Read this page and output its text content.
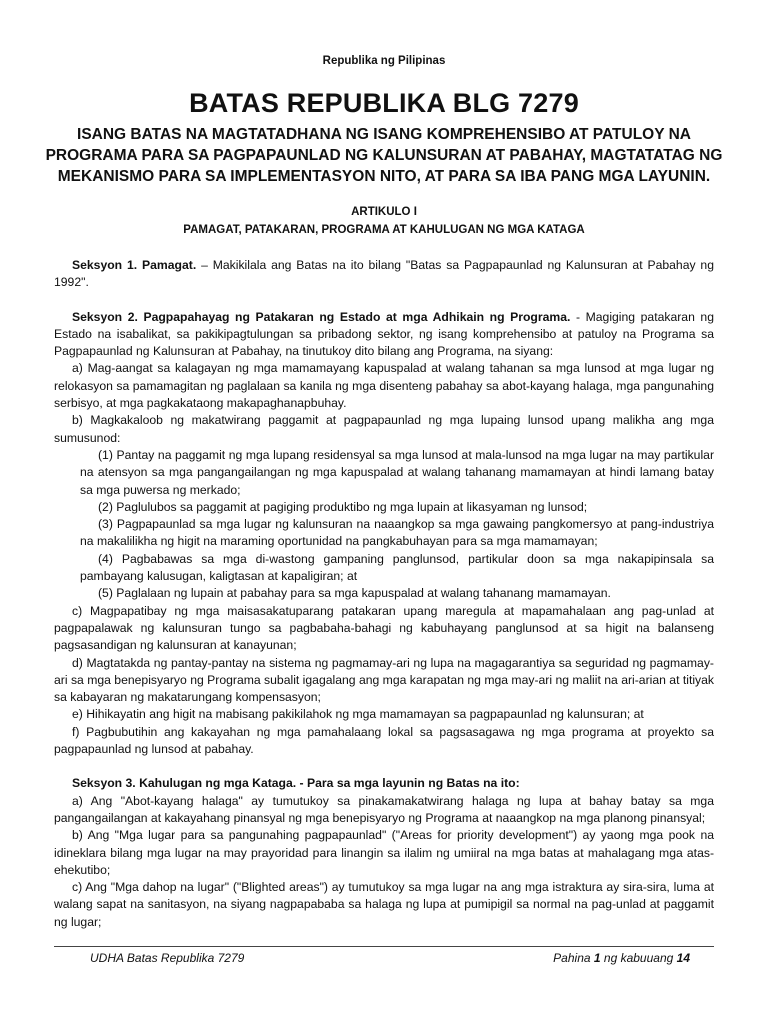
Republika ng Pilipinas
BATAS REPUBLIKA BLG 7279
ISANG BATAS NA MAGTATADHANA NG ISANG KOMPREHENSIBO AT PATULOY NA PROGRAMA PARA SA PAGPAPAUNLAD NG KALUNSURAN AT PABAHAY, MAGTATATAG NG MEKANISMO PARA SA IMPLEMENTASYON NITO, AT PARA SA IBA PANG MGA LAYUNIN.
ARTIKULO I
PAMAGAT, PATAKARAN, PROGRAMA AT KAHULUGAN NG MGA KATAGA

Seksyon 1. Pamagat. – Makikilala ang Batas na ito bilang "Batas sa Pagpapaunlad ng Kalunsuran at Pabahay ng 1992".

Seksyon 2. Pagpapahayag ng Patakaran ng Estado at mga Adhikain ng Programa. - Magiging patakaran ng Estado na isabalikat, sa pakikipagtulungan sa pribadong sektor, ng isang komprehensibo at patuloy na Programa sa Pagpapaunlad ng Kalunsuran at Pabahay, na tinutukoy dito bilang ang Programa, na siyang:

a) Mag-aangat sa kalagayan ng mga mamamayang kapuspalad at walang tahanan sa mga lunsod at mga lugar ng relokasyon sa pamamagitan ng paglalaan sa kanila ng mga disenteng pabahay sa abot-kayang halaga, mga pangunahing serbisyo, at mga pagkakataong makapaghanapbuhay.

b) Magkakaloob ng makatwirang paggamit at pagpapaunlad ng mga lupaing lunsod upang malikha ang mga sumusunod:

(1) Pantay na paggamit ng mga lupang residensyal sa mga lunsod at mala-lunsod na mga lugar na may partikular na atensyon sa mga pangangailangan ng mga kapuspalad at walang tahanang mamamayan at hindi lamang batay sa mga puwersa ng merkado;

(2) Paglulubos sa paggamit at pagiging produktibo ng mga lupain at likasyaman ng lunsod;

(3) Pagpapaunlad sa mga lugar ng kalunsuran na naaangkop sa mga gawaing pangkomersyo at pang-industriya na makalilikha ng higit na maraming oportunidad na pangkabuhayan para sa mga mamamayan;

(4) Pagbabawas sa mga di-wastong gampaning panglunsod, partikular doon sa mga nakapipinsala sa pambayang kalusugan, kaligtasan at kapaligiran; at

(5) Paglalaan ng lupain at pabahay para sa mga kapuspalad at walang tahanang mamamayan.

c) Magpapatibay ng mga maisasakatuparang patakaran upang maregula at mapamahalaan ang pag-unlad at pagpapalawak ng kalunsuran tungo sa pagbabaha-bahagi ng kabuhayang panglunsod at sa higit na balanseng pagsasandigan ng kalunsuran at kanayunan;

d) Magtatakda ng pantay-pantay na sistema ng pagmamay-ari ng lupa na magagarantiya sa seguridad ng pagmamay-ari sa mga benepisyaryo ng Programa subalit igagalang ang mga karapatan ng mga may-ari ng maliit na ari-arian at titiyak sa kabayaran ng makatarungang kompensasyon;

e) Hihikayatin ang higit na mabisang pakikilahok ng mga mamamayan sa pagpapaunlad ng kalunsuran; at

f) Pagbubutihin ang kakayahan ng mga pamahalaang lokal sa pagsasagawa ng mga programa at proyekto sa pagpapaunlad ng lunsod at pabahay.

Seksyon 3. Kahulugan ng mga Kataga. - Para sa mga layunin ng Batas na ito:

a) Ang "Abot-kayang halaga" ay tumutukoy sa pinakamakatwirang halaga ng lupa at bahay batay sa mga pangangailangan at kakayahang pinansyal ng mga benepisyaryo ng Programa at naaangkop na mga planong pinansyal;

b) Ang "Mga lugar para sa pangunahing pagpapaunlad" ("Areas for priority development") ay yaong mga pook na idineklara bilang mga lugar na may prayoridad para linangin sa ilalim ng umiiral na mga batas at mahalagang mga atas-ehekutibo;

c) Ang "Mga dahop na lugar" ("Blighted areas") ay tumutukoy sa mga lugar na ang mga istraktura ay sira-sira, luma at walang sapat na sanitasyon, na siyang nagpapababa sa halaga ng lupa at pumipigil sa normal na pag-unlad at paggamit ng lugar;

UDHA Batas Republika 7279	Pahina 1 ng kabuuang 14
